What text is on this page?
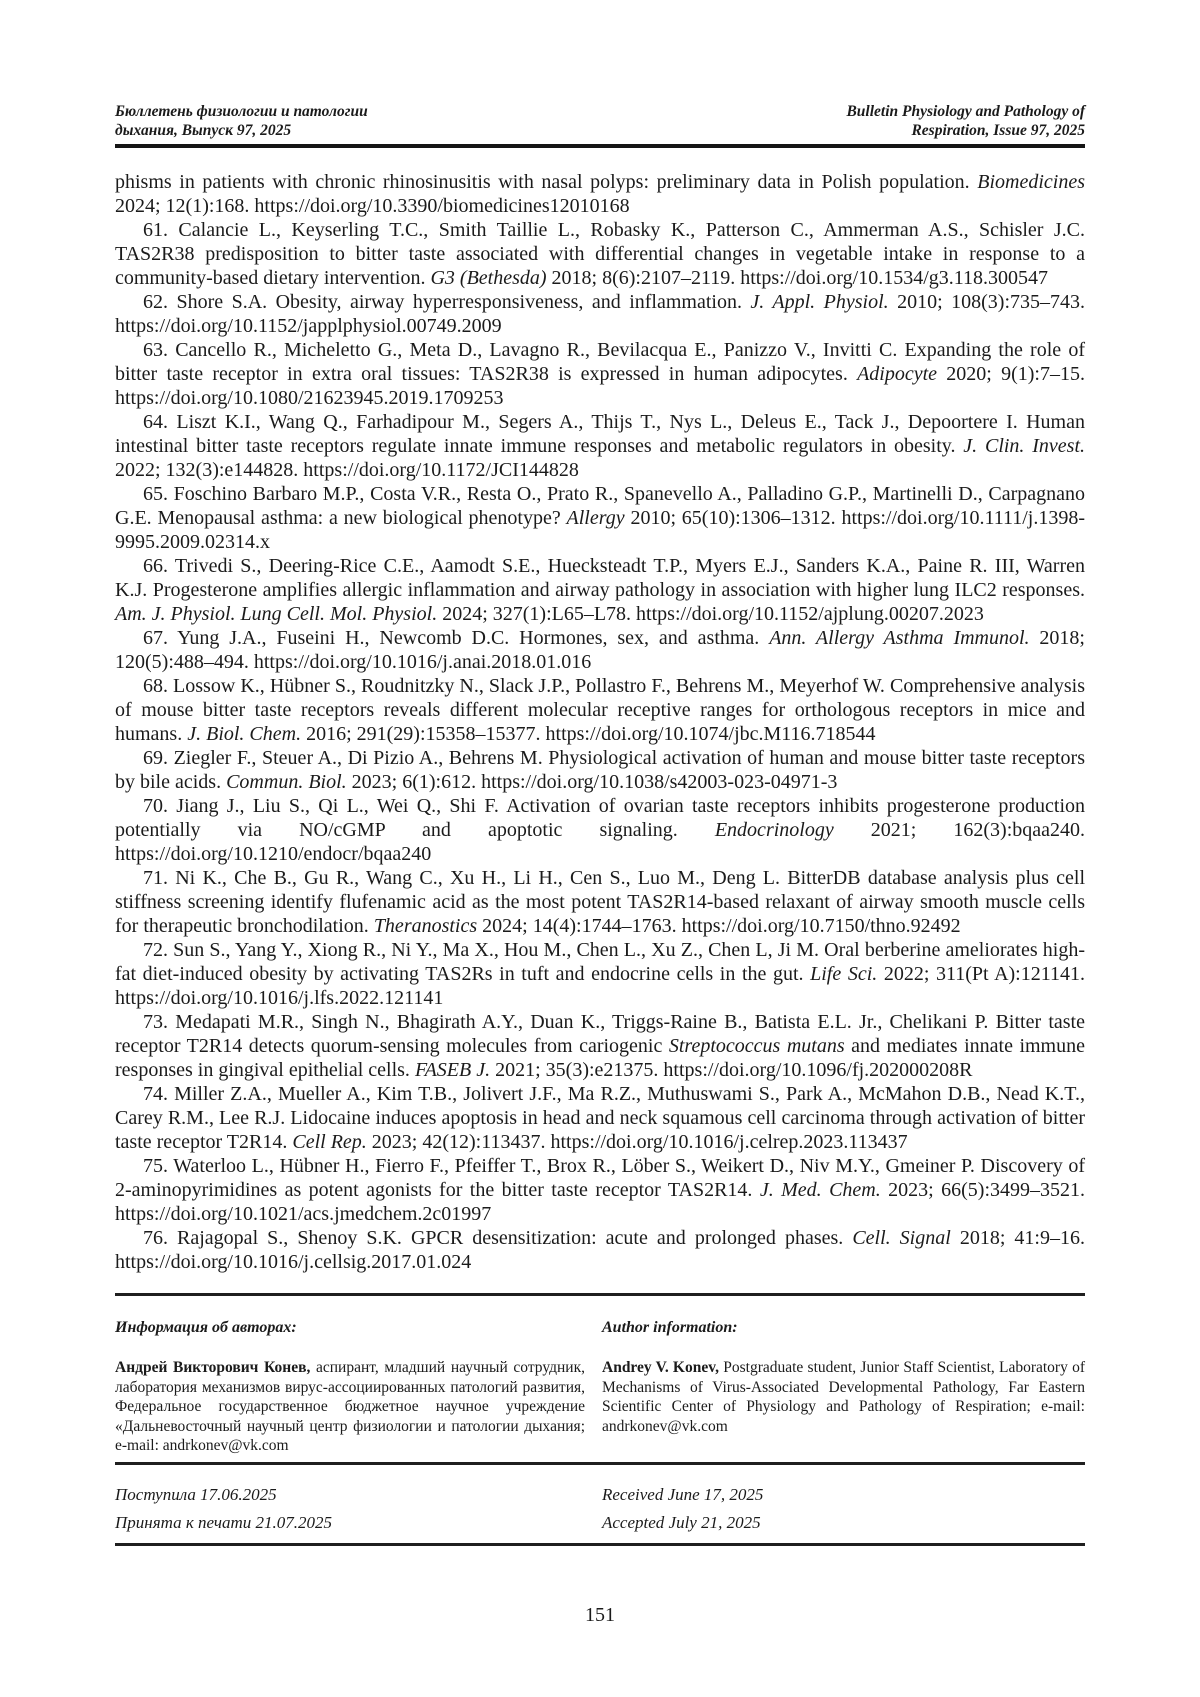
Бюллетень физиологии и патологии
дыхания, Выпуск 97, 2025
Bulletin Physiology and Pathology of
Respiration, Issue 97, 2025

phisms in patients with chronic rhinosinusitis with nasal polyps: preliminary data in Polish population. Biomedicines 2024; 12(1):168. https://doi.org/10.3390/biomedicines12010168

61. Calancie L., Keyserling T.C., Smith Taillie L., Robasky K., Patterson C., Ammerman A.S., Schisler J.C. TAS2R38 predisposition to bitter taste associated with differential changes in vegetable intake in response to a community-based dietary intervention. G3 (Bethesda) 2018; 8(6):2107–2119. https://doi.org/10.1534/g3.118.300547

62. Shore S.A. Obesity, airway hyperresponsiveness, and inflammation. J. Appl. Physiol. 2010; 108(3):735–743. https://doi.org/10.1152/japplphysiol.00749.2009

63. Cancello R., Micheletto G., Meta D., Lavagno R., Bevilacqua E., Panizzo V., Invitti C. Expanding the role of bitter taste receptor in extra oral tissues: TAS2R38 is expressed in human adipocytes. Adipocyte 2020; 9(1):7–15. https://doi.org/10.1080/21623945.2019.1709253

64. Liszt K.I., Wang Q., Farhadipour M., Segers A., Thijs T., Nys L., Deleus E., Tack J., Depoortere I. Human intestinal bitter taste receptors regulate innate immune responses and metabolic regulators in obesity. J. Clin. Invest. 2022; 132(3):e144828. https://doi.org/10.1172/JCI144828

65. Foschino Barbaro M.P., Costa V.R., Resta O., Prato R., Spanevello A., Palladino G.P., Martinelli D., Carpagnano G.E. Menopausal asthma: a new biological phenotype? Allergy 2010; 65(10):1306–1312. https://doi.org/10.1111/j.1398-9995.2009.02314.x

66. Trivedi S., Deering-Rice C.E., Aamodt S.E., Huecksteadt T.P., Myers E.J., Sanders K.A., Paine R. III, Warren K.J. Progesterone amplifies allergic inflammation and airway pathology in association with higher lung ILC2 responses. Am. J. Physiol. Lung Cell. Mol. Physiol. 2024; 327(1):L65–L78. https://doi.org/10.1152/ajplung.00207.2023

67. Yung J.A., Fuseini H., Newcomb D.C. Hormones, sex, and asthma. Ann. Allergy Asthma Immunol. 2018; 120(5):488–494. https://doi.org/10.1016/j.anai.2018.01.016

68. Lossow K., Hübner S., Roudnitzky N., Slack J.P., Pollastro F., Behrens M., Meyerhof W. Comprehensive analysis of mouse bitter taste receptors reveals different molecular receptive ranges for orthologous receptors in mice and humans. J. Biol. Chem. 2016; 291(29):15358–15377. https://doi.org/10.1074/jbc.M116.718544

69. Ziegler F., Steuer A., Di Pizio A., Behrens M. Physiological activation of human and mouse bitter taste receptors by bile acids. Commun. Biol. 2023; 6(1):612. https://doi.org/10.1038/s42003-023-04971-3

70. Jiang J., Liu S., Qi L., Wei Q., Shi F. Activation of ovarian taste receptors inhibits progesterone production potentially via NO/cGMP and apoptotic signaling. Endocrinology 2021; 162(3):bqaa240. https://doi.org/10.1210/endocr/bqaa240

71. Ni K., Che B., Gu R., Wang C., Xu H., Li H., Cen S., Luo M., Deng L. BitterDB database analysis plus cell stiffness screening identify flufenamic acid as the most potent TAS2R14-based relaxant of airway smooth muscle cells for therapeutic bronchodilation. Theranostics 2024; 14(4):1744–1763. https://doi.org/10.7150/thno.92492

72. Sun S., Yang Y., Xiong R., Ni Y., Ma X., Hou M., Chen L., Xu Z., Chen L, Ji M. Oral berberine ameliorates high-fat diet-induced obesity by activating TAS2Rs in tuft and endocrine cells in the gut. Life Sci. 2022; 311(Pt A):121141. https://doi.org/10.1016/j.lfs.2022.121141

73. Medapati M.R., Singh N., Bhagirath A.Y., Duan K., Triggs-Raine B., Batista E.L. Jr., Chelikani P. Bitter taste receptor T2R14 detects quorum-sensing molecules from cariogenic Streptococcus mutans and mediates innate immune responses in gingival epithelial cells. FASEB J. 2021; 35(3):e21375. https://doi.org/10.1096/fj.202000208R

74. Miller Z.A., Mueller A., Kim T.B., Jolivert J.F., Ma R.Z., Muthuswami S., Park A., McMahon D.B., Nead K.T., Carey R.M., Lee R.J. Lidocaine induces apoptosis in head and neck squamous cell carcinoma through activation of bitter taste receptor T2R14. Cell Rep. 2023; 42(12):113437. https://doi.org/10.1016/j.celrep.2023.113437

75. Waterloo L., Hübner H., Fierro F., Pfeiffer T., Brox R., Löber S., Weikert D., Niv M.Y., Gmeiner P. Discovery of 2-aminopyrimidines as potent agonists for the bitter taste receptor TAS2R14. J. Med. Chem. 2023; 66(5):3499–3521. https://doi.org/10.1021/acs.jmedchem.2c01997

76. Rajagopal S., Shenoy S.K. GPCR desensitization: acute and prolonged phases. Cell. Signal 2018; 41:9–16. https://doi.org/10.1016/j.cellsig.2017.01.024

Информация об авторах:	Author information:

Андрей Викторович Конев, аспирант, младший научный сотрудник, лаборатория механизмов вирус-ассоциированных патологий развития, Федеральное государственное бюджетное научное учреждение «Дальневосточный научный центр физиологии и патологии дыхания; e-mail: andrkonev@vk.com

Andrey V. Konev, Postgraduate student, Junior Staff Scientist, Laboratory of Mechanisms of Virus-Associated Developmental Pathology, Far Eastern Scientific Center of Physiology and Pathology of Respiration; e-mail: andrkonev@vk.com

Поступила 17.06.2025
Принята к печати 21.07.2025
Received June 17, 2025
Accepted July 21, 2025
151
